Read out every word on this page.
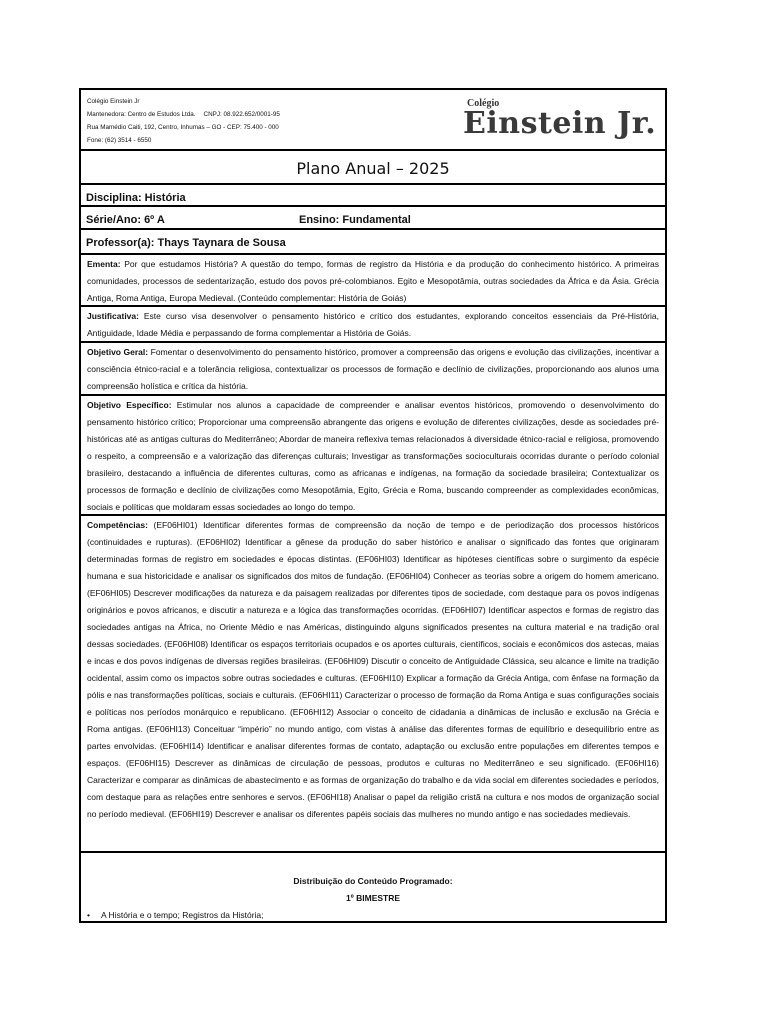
Colégio Einstein Jr
Mantenedora: Centro de Estudos Ltda. CNPJ: 08.922.652/0001-95
Rua Mamédio Caiti, 192, Centro, Inhumas – GO - CEP: 75.400 - 000
Fone: (62) 3514 - 6550
Colégio
Einstein Jr.
Plano Anual – 2025
Disciplina: História
Série/Ano: 6º A	Ensino: Fundamental
Professor(a): Thays Taynara de Sousa
Ementa: Por que estudamos História? A questão do tempo, formas de registro da História e da produção do conhecimento histórico. A primeiras comunidades, processos de sedentarização, estudo dos povos pré-colombianos. Egito e Mesopotâmia, outras sociedades da África e da Ásia. Grécia Antiga, Roma Antiga, Europa Medieval. (Conteúdo complementar: História de Goiás)
Justificativa: Este curso visa desenvolver o pensamento histórico e crítico dos estudantes, explorando conceitos essenciais da Pré-História, Antiguidade, Idade Média e perpassando de forma complementar a História de Goiás.
Objetivo Geral: Fomentar o desenvolvimento do pensamento histórico, promover a compreensão das origens e evolução das civilizações, incentivar a consciência étnico-racial e a tolerância religiosa, contextualizar os processos de formação e declínio de civilizações, proporcionando aos alunos uma compreensão holística e crítica da história.
Objetivo Específico: Estimular nos alunos a capacidade de compreender e analisar eventos históricos, promovendo o desenvolvimento do pensamento histórico crítico; Proporcionar uma compreensão abrangente das origens e evolução de diferentes civilizações, desde as sociedades pré-históricas até as antigas culturas do Mediterrâneo; Abordar de maneira reflexiva temas relacionados à diversidade étnico-racial e religiosa, promovendo o respeito, a compreensão e a valorização das diferenças culturais; Investigar as transformações socioculturais ocorridas durante o período colonial brasileiro, destacando a influência de diferentes culturas, como as africanas e indígenas, na formação da sociedade brasileira; Contextualizar os processos de formação e declínio de civilizações como Mesopotâmia, Egito, Grécia e Roma, buscando compreender as complexidades econômicas, sociais e políticas que moldaram essas sociedades ao longo do tempo.
Competências: (EF06HI01) Identificar diferentes formas de compreensão da noção de tempo e de periodização dos processos históricos (continuidades e rupturas). (EF06HI02) Identificar a gênese da produção do saber histórico e analisar o significado das fontes que originaram determinadas formas de registro em sociedades e épocas distintas. (EF06HI03) Identificar as hipóteses científicas sobre o surgimento da espécie humana e sua historicidade e analisar os significados dos mitos de fundação. (EF06HI04) Conhecer as teorias sobre a origem do homem americano. (EF06HI05) Descrever modificações da natureza e da paisagem realizadas por diferentes tipos de sociedade, com destaque para os povos indígenas originários e povos africanos, e discutir a natureza e a lógica das transformações ocorridas. (EF06HI07) Identificar aspectos e formas de registro das sociedades antigas na África, no Oriente Médio e nas Américas, distinguindo alguns significados presentes na cultura material e na tradição oral dessas sociedades. (EF06HI08) Identificar os espaços territoriais ocupados e os aportes culturais, científicos, sociais e econômicos dos astecas, maias e incas e dos povos indígenas de diversas regiões brasileiras. (EF06HI09) Discutir o conceito de Antiguidade Clássica, seu alcance e limite na tradição ocidental, assim como os impactos sobre outras sociedades e culturas. (EF06HI10) Explicar a formação da Grécia Antiga, com ênfase na formação da pólis e nas transformações políticas, sociais e culturais. (EF06HI11) Caracterizar o processo de formação da Roma Antiga e suas configurações sociais e políticas nos períodos monárquico e republicano. (EF06HI12) Associar o conceito de cidadania a dinâmicas de inclusão e exclusão na Grécia e Roma antigas. (EF06HI13) Conceituar “império” no mundo antigo, com vistas à análise das diferentes formas de equilíbrio e desequilíbrio entre as partes envolvidas. (EF06HI14) Identificar e analisar diferentes formas de contato, adaptação ou exclusão entre populações em diferentes tempos e espaços. (EF06HI15) Descrever as dinâmicas de circulação de pessoas, produtos e culturas no Mediterrâneo e seu significado. (EF06HI16) Caracterizar e comparar as dinâmicas de abastecimento e as formas de organização do trabalho e da vida social em diferentes sociedades e períodos, com destaque para as relações entre senhores e servos. (EF06HI18) Analisar o papel da religião cristã na cultura e nos modos de organização social no período medieval. (EF06HI19) Descrever e analisar os diferentes papéis sociais das mulheres no mundo antigo e nas sociedades medievais.
Distribuição do Conteúdo Programado:
1º BIMESTRE
• A História e o tempo; Registros da História;
